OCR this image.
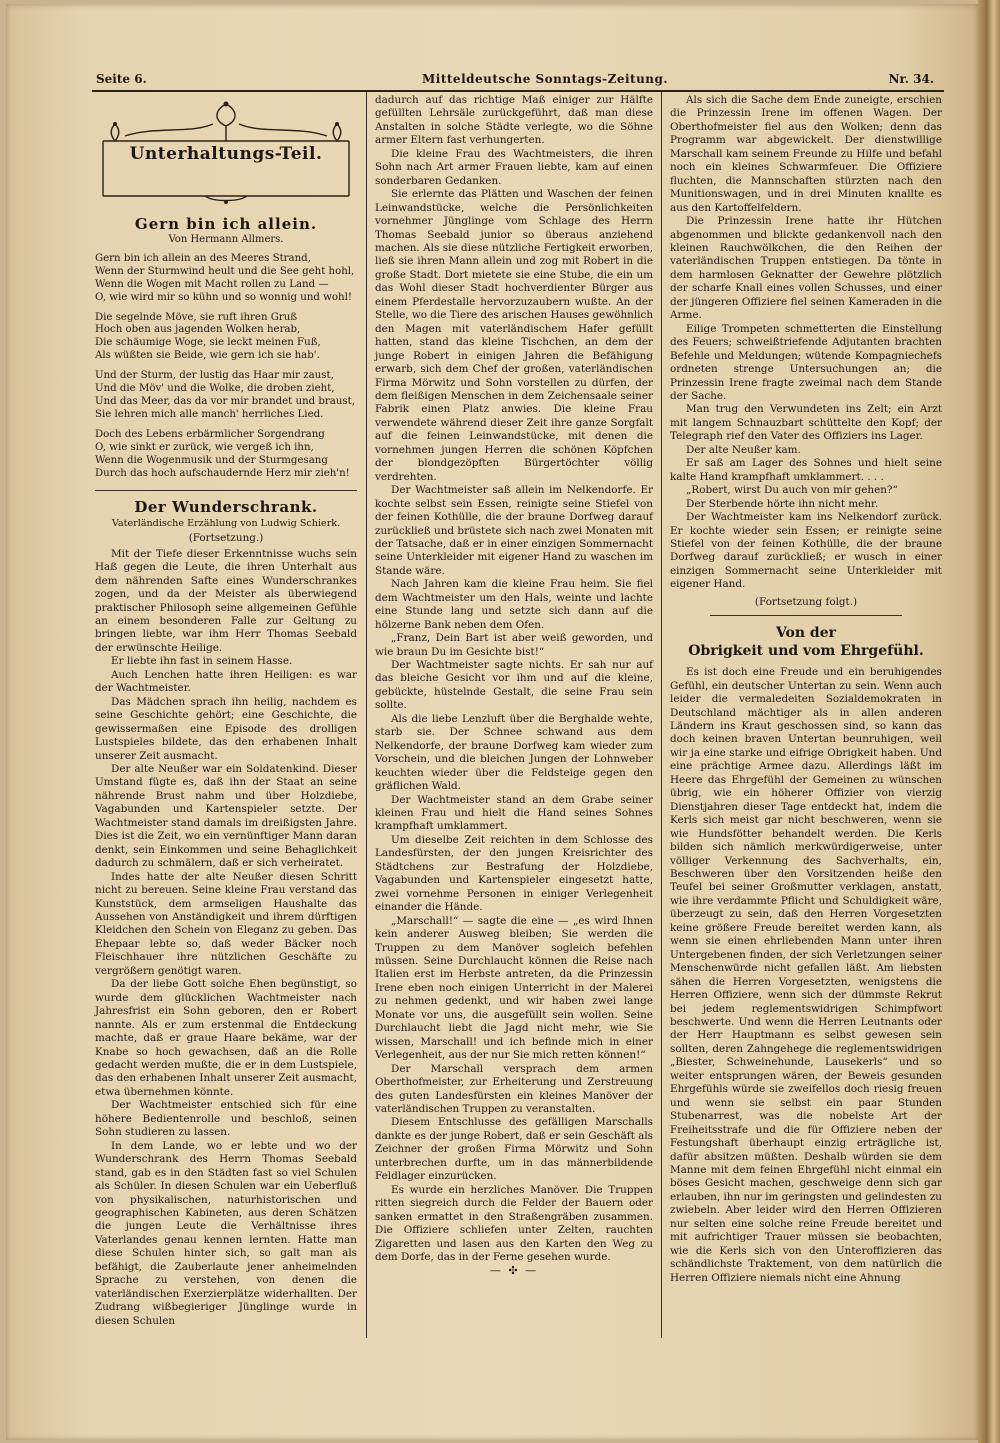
Seite 6.	Mitteldeutsche Sonntags-Zeitung.	Nr. 34.
Unterhaltungs-Teil.
Gern bin ich allein.
Von Hermann Allmers.
Gern bin ich allein an des Meeres Strand,
Wenn der Sturmwind heult und die See geht hohl,
Wenn die Wogen mit Macht rollen zu Land —
O, wie wird mir so kühn und so wonnig und wohl!
Die segelnde Möve, sie ruft ihren Gruß
Hoch oben aus jagenden Wolken herab,
Die schäumige Woge, sie leckt meinen Fuß,
Als wüßten sie Beide, wie gern ich sie hab'.
Und der Sturm, der lustig das Haar mir zaust,
Und die Möv' und die Wolke, die droben zieht,
Und das Meer, das da vor mir brandet und braust,
Sie lehren mich alle manch' herrliches Lied.
Doch des Lebens erbärmlicher Sorgendrang
O, wie sinkt er zurück, wie vergeß ich ihn,
Wenn die Wogenmusik und der Sturmgesang
Durch das hoch aufschaudernde Herz mir zieh'n!
Der Wunderschrank.
Vaterländische Erzählung von Ludwig Schierk.
(Fortsetzung.)

Mit der Tiefe dieser Erkenntnisse wuchs sein Haß gegen die Leute, die ihren Unterhalt aus dem nährenden Safte eines Wunderschrankes zogen, und da der Meister als überwiegend praktischer Philosoph seine allgemeinen Gefühle an einem besonderen Falle zur Geltung zu bringen liebte, war ihm Herr Thomas Seebald der erwünschte Heilige.

Er liebte ihn fast in seinem Hasse.

Auch Lenchen hatte ihren Heiligen: es war der Wachtmeister.

Das Mädchen sprach ihn heilig, nachdem es seine Geschichte gehört; eine Geschichte, die gewissermaßen eine Episode des drolligen Lustspieles bildete, das den erhabenen Inhalt unserer Zeit ausmacht.

Der alte Neußer war ein Soldatenkind. Dieser Umstand fügte es, daß ihn der Staat an seine nährende Brust nahm und über Holzdiebe, Vagabunden und Kartenspieler setzte. Der Wachtmeister stand damals im dreißigsten Jahre. Dies ist die Zeit, wo ein vernünftiger Mann daran denkt, sein Einkommen und seine Behaglichkeit dadurch zu schmälern, daß er sich verheiratet.

Indes hatte der alte Neußer diesen Schritt nicht zu bereuen. Seine kleine Frau verstand das Kunststück, dem armseligen Haushalte das Aussehen von Anständigkeit und ihrem dürftigen Kleidchen den Schein von Eleganz zu geben. Das Ehepaar lebte so, daß weder Bäcker noch Fleischhauer ihre nützlichen Geschäfte zu vergrößern genötigt waren.

Da der liebe Gott solche Ehen begünstigt, so wurde dem glücklichen Wachtmeister nach Jahresfrist ein Sohn geboren, den er Robert nannte. Als er zum erstenmal die Entdeckung machte, daß er graue Haare bekäme, war der Knabe so hoch gewachsen, daß an die Rolle gedacht werden mußte, die er in dem Lustspiele, das den erhabenen Inhalt unserer Zeit ausmacht, etwa übernehmen könnte.

Der Wachtmeister entschied sich für eine höhere Bedientenrolle und beschloß, seinen Sohn studieren zu lassen.

In dem Lande, wo er lebte und wo der Wunderschrank des Herrn Thomas Seebald stand, gab es in den Städten fast so viel Schulen als Schüler. In diesen Schulen war ein Ueberfluß von physikalischen, naturhistorischen und geographischen Kabineten, aus deren Schätzen die jungen Leute die Verhältnisse ihres Vaterlandes genau kennen lernten. Hatte man diese Schulen hinter sich, so galt man als befähigt, die Zauberlaute jener anheimelnden Sprache zu verstehen, von denen die vaterländischen Exerzierplätze widerhallten. Der Zudrang wißbegieriger Jünglinge wurde in diesen Schulen

dadurch auf das richtige Maß einiger zur Hälfte gefüllten Lehrsäle zurückgeführt, daß man diese Anstalten in solche Städte verlegte, wo die Söhne armer Eltern fast verhungerten.

Die kleine Frau des Wachtmeisters, die ihren Sohn nach Art armer Frauen liebte, kam auf einen sonderbaren Gedanken.

Sie erlernte das Plätten und Waschen der feinen Leinwandstücke, welche die Persönlichkeiten vornehmer Jünglinge vom Schlage des Herrn Thomas Seebald junior so überaus anziehend machen. Als sie diese nützliche Fertigkeit erworben, ließ sie ihren Mann allein und zog mit Robert in die große Stadt. Dort mietete sie eine Stube, die ein um das Wohl dieser Stadt hochverdienter Bürger aus einem Pferdestalle hervorzuzaubern wußte. An der Stelle, wo die Tiere des arischen Hauses gewöhnlich den Magen mit vaterländischem Hafer gefüllt hatten, stand das kleine Tischchen, an dem der junge Robert in einigen Jahren die Befähigung erwarb, sich dem Chef der großen, vaterländischen Firma Mörwitz und Sohn vorstellen zu dürfen, der dem fleißigen Menschen in dem Zeichensaale seiner Fabrik einen Platz anwies. Die kleine Frau verwendete während dieser Zeit ihre ganze Sorgfalt auf die feinen Leinwandstücke, mit denen die vornehmen jungen Herren die schönen Köpfchen der blondgezöpften Bürgertöchter völlig verdrehten.

Der Wachtmeister saß allein im Nelkendorfe. Er kochte selbst sein Essen, reinigte seine Stiefel von der feinen Kothülle, die der braune Dorfweg darauf zurückließ und brüstete sich nach zwei Monaten mit der Tatsache, daß er in einer einzigen Sommernacht seine Unterkleider mit eigener Hand zu waschen im Stande wäre.

Nach Jahren kam die kleine Frau heim. Sie fiel dem Wachtmeister um den Hals, weinte und lachte eine Stunde lang und setzte sich dann auf die hölzerne Bank neben dem Ofen.

„Franz, Dein Bart ist aber weiß geworden, und wie braun Du im Gesichte bist!“

Der Wachtmeister sagte nichts. Er sah nur auf das bleiche Gesicht vor ihm und auf die kleine, gebückte, hüstelnde Gestalt, die seine Frau sein sollte.

Als die liebe Lenzluft über die Berghalde wehte, starb sie. Der Schnee schwand aus dem Nelkendorfe, der braune Dorfweg kam wieder zum Vorschein, und die bleichen Jungen der Lohnweber keuchten wieder über die Feldsteige gegen den gräflichen Wald.

Der Wachtmeister stand an dem Grabe seiner kleinen Frau und hielt die Hand seines Sohnes krampfhaft umklammert.

Um dieselbe Zeit reichten in dem Schlosse des Landesfürsten, der den jungen Kreisrichter des Städtchens zur Bestrafung der Holzdiebe, Vagabunden und Kartenspieler eingesetzt hatte, zwei vornehme Personen in einiger Verlegenheit einander die Hände.

„Marschall!“ — sagte die eine — „es wird Ihnen kein anderer Ausweg bleiben; Sie werden die Truppen zu dem Manöver sogleich befehlen müssen. Seine Durchlaucht können die Reise nach Italien erst im Herbste antreten, da die Prinzessin Irene eben noch einigen Unterricht in der Malerei zu nehmen gedenkt, und wir haben zwei lange Monate vor uns, die ausgefüllt sein wollen. Seine Durchlaucht liebt die Jagd nicht mehr, wie Sie wissen, Marschall! und ich befinde mich in einer Verlegenheit, aus der nur Sie mich retten können!“

Der Marschall versprach dem armen Oberthofmeister, zur Erheiterung und Zerstreuung des guten Landesfürsten ein kleines Manöver der vaterländischen Truppen zu veranstalten.

Diesem Entschlusse des gefälligen Marschalls dankte es der junge Robert, daß er sein Geschäft als Zeichner der großen Firma Mörwitz und Sohn unterbrechen durfte, um in das männerbildende Feldlager einzurücken.

Es wurde ein herzliches Manöver. Die Truppen ritten siegreich durch die Felder der Bauern oder sanken ermattet in den Straßengräben zusammen. Die Offiziere schliefen unter Zelten, rauchten Zigaretten und lasen aus den Karten den Weg zu dem Dorfe, das in der Ferne gesehen wurde.

— ✣ —

Als sich die Sache dem Ende zuneigte, erschien die Prinzessin Irene im offenen Wagen. Der Oberthofmeister fiel aus den Wolken; denn das Programm war abgewickelt. Der dienstwillige Marschall kam seinem Freunde zu Hilfe und befahl noch ein kleines Schwarmfeuer. Die Offiziere fluchten, die Mannschaften stürzten nach den Munitionswagen, und in drei Minuten knallte es aus den Kartoffelfeldern.

Die Prinzessin Irene hatte ihr Hütchen abgenommen und blickte gedankenvoll nach den kleinen Rauchwölkchen, die den Reihen der vaterländischen Truppen entstiegen. Da tönte in dem harmlosen Geknatter der Gewehre plötzlich der scharfe Knall eines vollen Schusses, und einer der jüngeren Offiziere fiel seinen Kameraden in die Arme.

Eilige Trompeten schmetterten die Einstellung des Feuers; schweißtriefende Adjutanten brachten Befehle und Meldungen; wütende Kompagniechefs ordneten strenge Untersuchungen an; die Prinzessin Irene fragte zweimal nach dem Stande der Sache.

Man trug den Verwundeten ins Zelt; ein Arzt mit langem Schnauzbart schüttelte den Kopf; der Telegraph rief den Vater des Offiziers ins Lager.

Der alte Neußer kam.

Er saß am Lager des Sohnes und hielt seine kalte Hand krampfhaft umklammert. . . .

„Robert, wirst Du auch von mir gehen?“

Der Sterbende hörte ihn nicht mehr.

Der Wachtmeister kam ins Nelkendorf zurück. Er kochte wieder sein Essen; er reinigte seine Stiefel von der feinen Kothülle, die der braune Dorfweg darauf zurückließ; er wusch in einer einzigen Sommernacht seine Unterkleider mit eigener Hand.

(Fortsetzung folgt.)
Von der
Obrigkeit und vom Ehrgefühl.

Es ist doch eine Freude und ein beruhigendes Gefühl, ein deutscher Untertan zu sein. Wenn auch leider die vermaledeiten Sozialdemokraten in Deutschland mächtiger als in allen anderen Ländern ins Kraut geschossen sind, so kann das doch keinen braven Untertan beunruhigen, weil wir ja eine starke und eifrige Obrigkeit haben. Und eine prächtige Armee dazu. Allerdings läßt im Heere das Ehrgefühl der Gemeinen zu wünschen übrig, wie ein höherer Offizier von vierzig Dienstjahren dieser Tage entdeckt hat, indem die Kerls sich meist gar nicht beschweren, wenn sie wie Hundsfötter behandelt werden. Die Kerls bilden sich nämlich merkwürdigerweise, unter völliger Verkennung des Sachverhalts, ein, Beschweren über den Vorsitzenden heiße den Teufel bei seiner Großmutter verklagen, anstatt, wie ihre verdammte Pflicht und Schuldigkeit wäre, überzeugt zu sein, daß den Herren Vorgesetzten keine größere Freude bereitet werden kann, als wenn sie einen ehrliebenden Mann unter ihren Untergebenen finden, der sich Verletzungen seiner Menschenwürde nicht gefallen läßt. Am liebsten sähen die Herren Vorgesetzten, wenigstens die Herren Offiziere, wenn sich der dümmste Rekrut bei jedem reglementswidrigen Schimpfwort beschwerte. Und wenn die Herren Leutnants oder der Herr Hauptmann es selbst gewesen sein sollten, deren Zahngehege die reglementswidrigen „Biester, Schweinehunde, Lausekerls“ und so weiter entsprungen wären, der Beweis gesunden Ehrgefühls würde sie zweifellos doch riesig freuen und wenn sie selbst ein paar Stunden Stubenarrest, was die nobelste Art der Freiheitsstrafe und die für Offiziere neben der Festungshaft überhaupt einzig erträgliche ist, dafür absitzen müßten. Deshalb würden sie dem Manne mit dem feinen Ehrgefühl nicht einmal ein böses Gesicht machen, geschweige denn sich gar erlauben, ihn nur im geringsten und gelindesten zu zwiebeln. Aber leider wird den Herren Offizieren nur selten eine solche reine Freude bereitet und mit aufrichtiger Trauer müssen sie beobachten, wie die Kerls sich von den Unteroffizieren das schändlichste Traktement, von dem natürlich die Herren Offiziere niemals nicht eine Ahnung
